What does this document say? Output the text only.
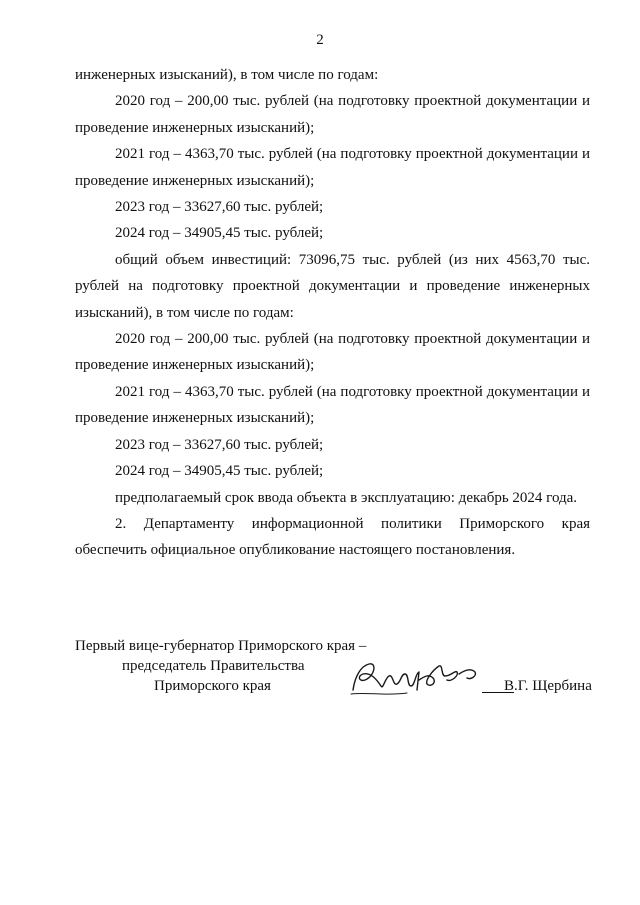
2

инженерных изысканий), в том числе по годам:

2020 год – 200,00 тыс. рублей (на подготовку проектной документации и проведение инженерных изысканий);

2021 год – 4363,70 тыс. рублей (на подготовку проектной документации и проведение инженерных изысканий);

2023 год – 33627,60 тыс. рублей;

2024 год – 34905,45 тыс. рублей;

общий объем инвестиций: 73096,75 тыс. рублей (из них 4563,70 тыс. рублей на подготовку проектной документации и проведение инженерных изысканий), в том числе по годам:

2020 год – 200,00 тыс. рублей (на подготовку проектной документации и проведение инженерных изысканий);

2021 год – 4363,70 тыс. рублей (на подготовку проектной документации и проведение инженерных изысканий);

2023 год – 33627,60 тыс. рублей;

2024 год – 34905,45 тыс. рублей;

предполагаемый срок ввода объекта в эксплуатацию: декабрь 2024 года.

2. Департаменту информационной политики Приморского края обеспечить официальное опубликование настоящего постановления.

Первый вице-губернатор Приморского края –
председатель Правительства
Приморского края	В.Г. Щербина
